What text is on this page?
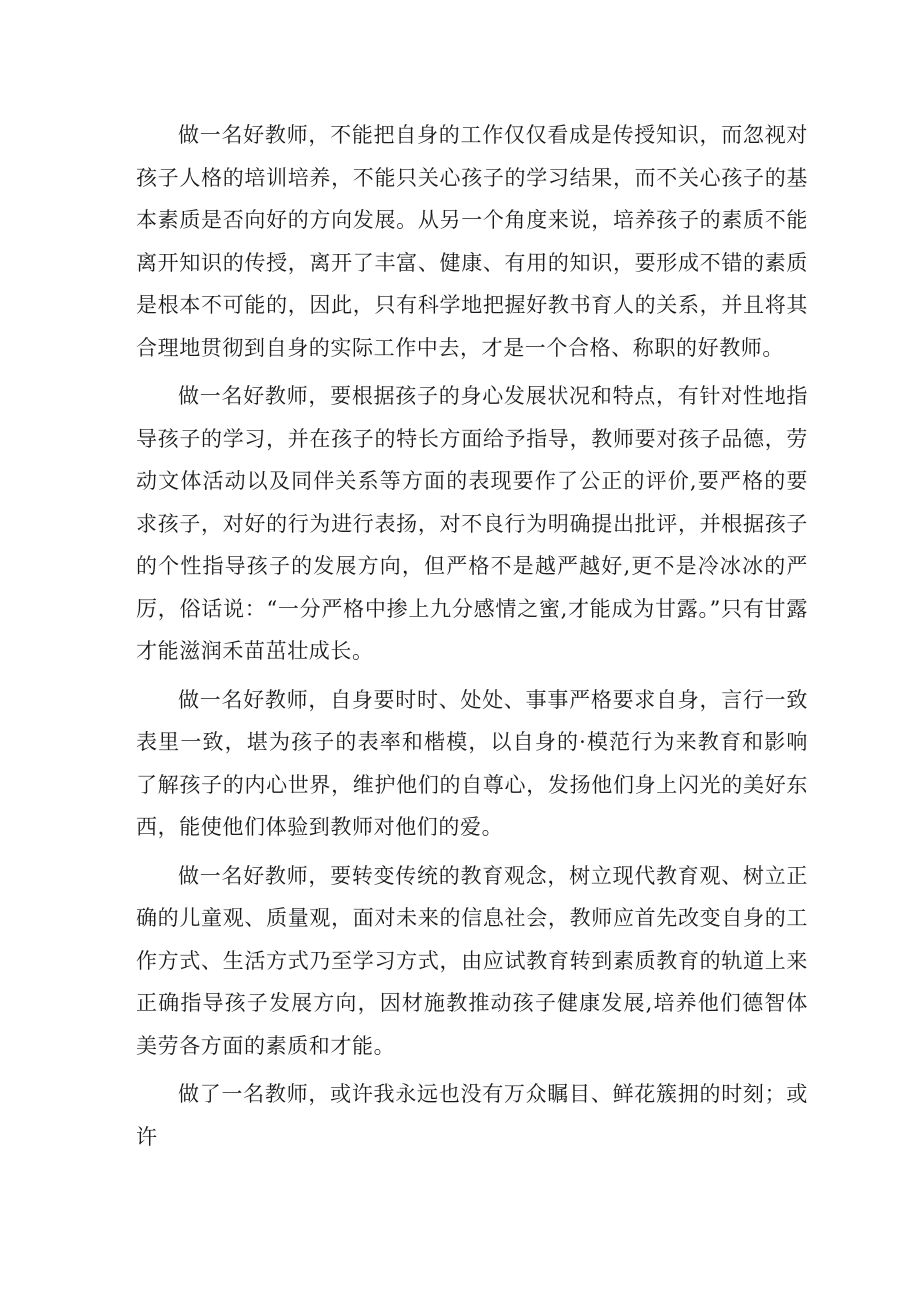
做一名好教师，不能把自身的工作仅仅看成是传授知识，而忽视对孩子人格的培训培养，不能只关心孩子的学习结果，而不关心孩子的基本素质是否向好的方向发展。从另一个角度来说，培养孩子的素质不能离开知识的传授，离开了丰富、健康、有用的知识，要形成不错的素质是根本不可能的，因此，只有科学地把握好教书育人的关系，并且将其合理地贯彻到自身的实际工作中去，才是一个合格、称职的好教师。

做一名好教师，要根据孩子的身心发展状况和特点，有针对性地指导孩子的学习，并在孩子的特长方面给予指导，教师要对孩子品德，劳动文体活动以及同伴关系等方面的表现要作了公正的评价,要严格的要求孩子，对好的行为进行表扬，对不良行为明确提出批评，并根据孩子的个性指导孩子的发展方向，但严格不是越严越好,更不是冷冰冰的严厉，俗话说：“一分严格中掺上九分感情之蜜,才能成为甘露。”只有甘露才能滋润禾苗茁壮成长。

做一名好教师，自身要时时、处处、事事严格要求自身，言行一致表里一致，堪为孩子的表率和楷模，以自身的·模范行为来教育和影响了解孩子的内心世界，维护他们的自尊心，发扬他们身上闪光的美好东西，能使他们体验到教师对他们的爱。

做一名好教师，要转变传统的教育观念，树立现代教育观、树立正确的儿童观、质量观，面对未来的信息社会，教师应首先改变自身的工作方式、生活方式乃至学习方式，由应试教育转到素质教育的轨道上来正确指导孩子发展方向，因材施教推动孩子健康发展,培养他们德智体美劳各方面的素质和才能。

做了一名教师，或许我永远也没有万众瞩目、鲜花簇拥的时刻；或许
